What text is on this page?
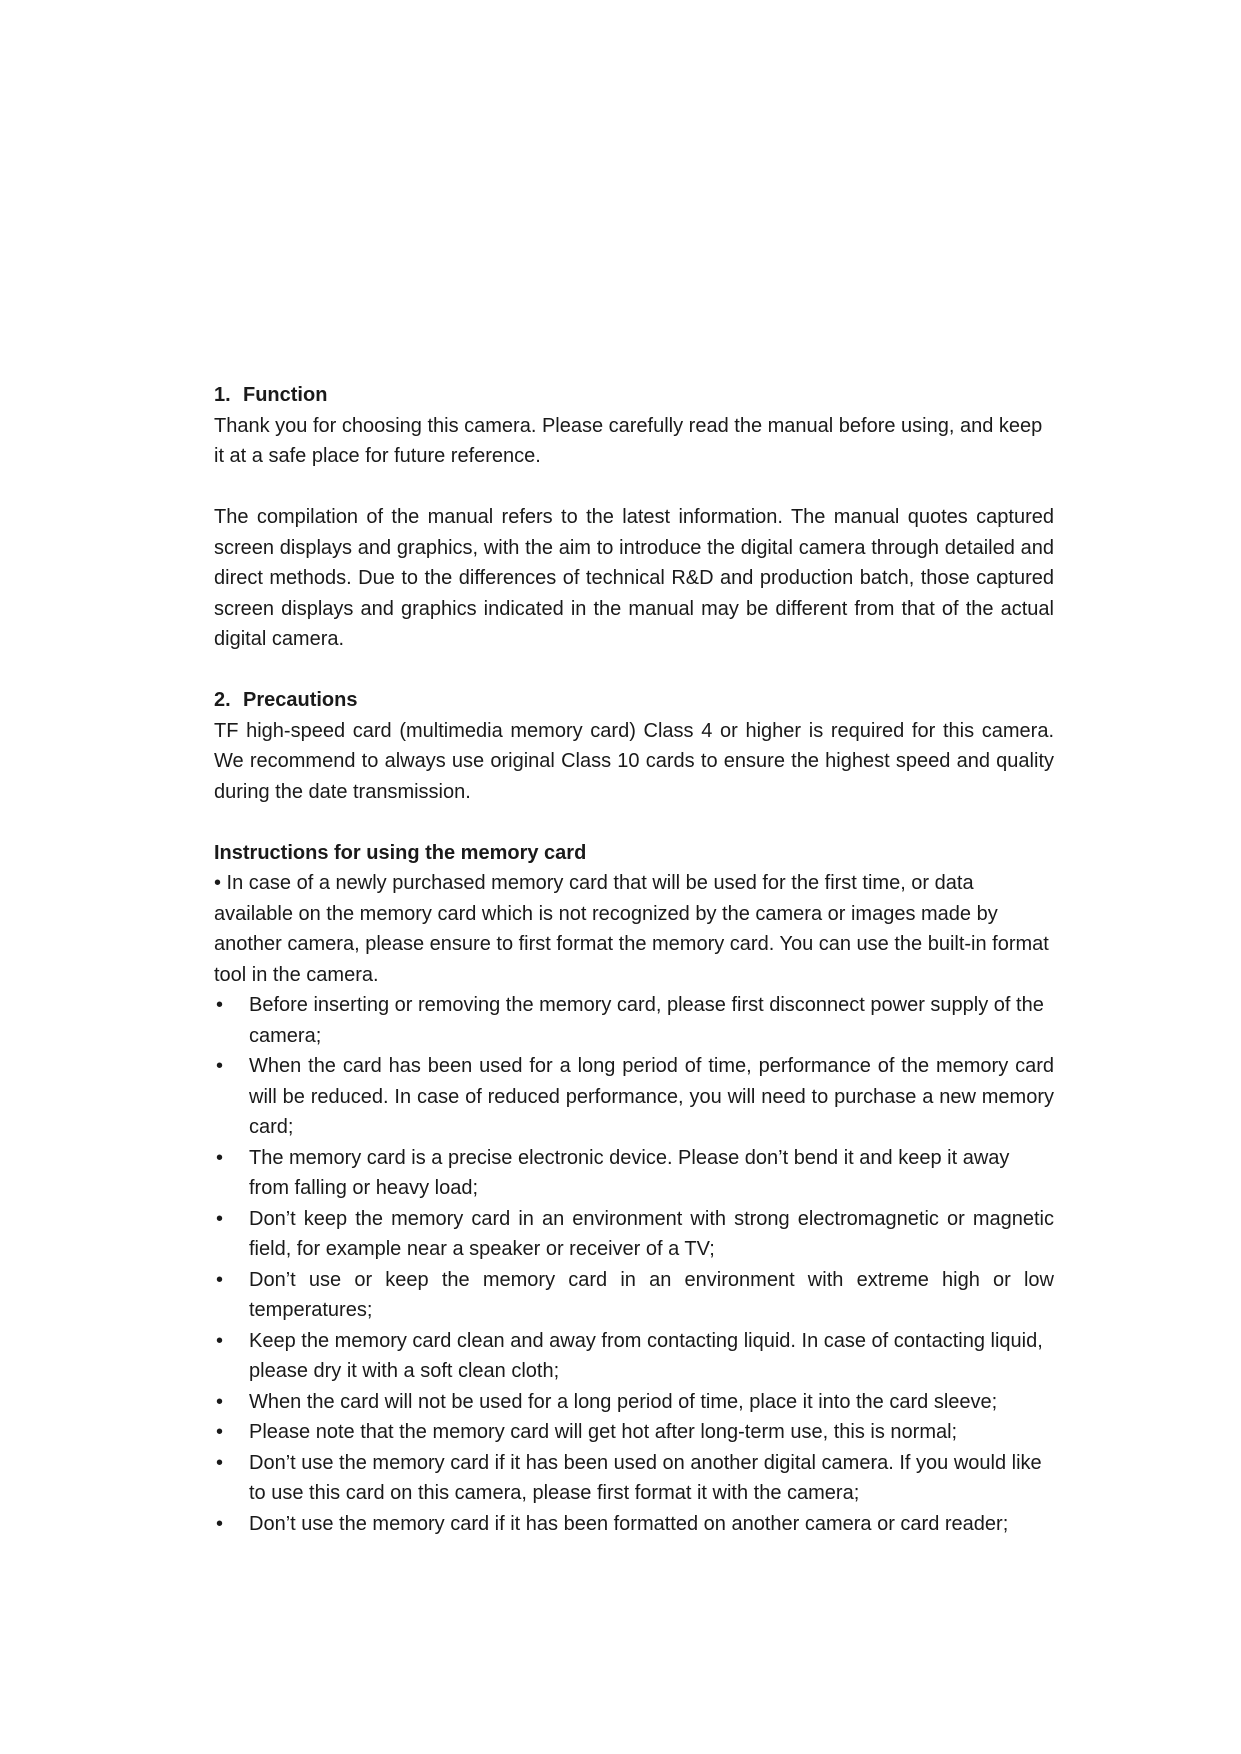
1. Function

Thank you for choosing this camera. Please carefully read the manual before using, and keep it at a safe place for future reference.

The compilation of the manual refers to the latest information. The manual quotes captured screen displays and graphics, with the aim to introduce the digital camera through detailed and direct methods. Due to the differences of technical R&D and production batch, those captured screen displays and graphics indicated in the manual may be different from that of the actual digital camera.

2. Precautions

TF high-speed card (multimedia memory card) Class 4 or higher is required for this camera. We recommend to always use original Class 10 cards to ensure the highest speed and quality during the date transmission.

Instructions for using the memory card

• In case of a newly purchased memory card that will be used for the first time, or data available on the memory card which is not recognized by the camera or images made by another camera, please ensure to first format the memory card. You can use the built-in format tool in the camera.

• Before inserting or removing the memory card, please first disconnect power supply of the camera;
• When the card has been used for a long period of time, performance of the memory card will be reduced. In case of reduced performance, you will need to purchase a new memory card;
• The memory card is a precise electronic device. Please don’t bend it and keep it away from falling or heavy load;
• Don’t keep the memory card in an environment with strong electromagnetic or magnetic field, for example near a speaker or receiver of a TV;
• Don’t use or keep the memory card in an environment with extreme high or low temperatures;
• Keep the memory card clean and away from contacting liquid. In case of contacting liquid, please dry it with a soft clean cloth;
• When the card will not be used for a long period of time, place it into the card sleeve;
• Please note that the memory card will get hot after long-term use, this is normal;
• Don’t use the memory card if it has been used on another digital camera. If you would like to use this card on this camera, please first format it with the camera;
• Don’t use the memory card if it has been formatted on another camera or card reader;
